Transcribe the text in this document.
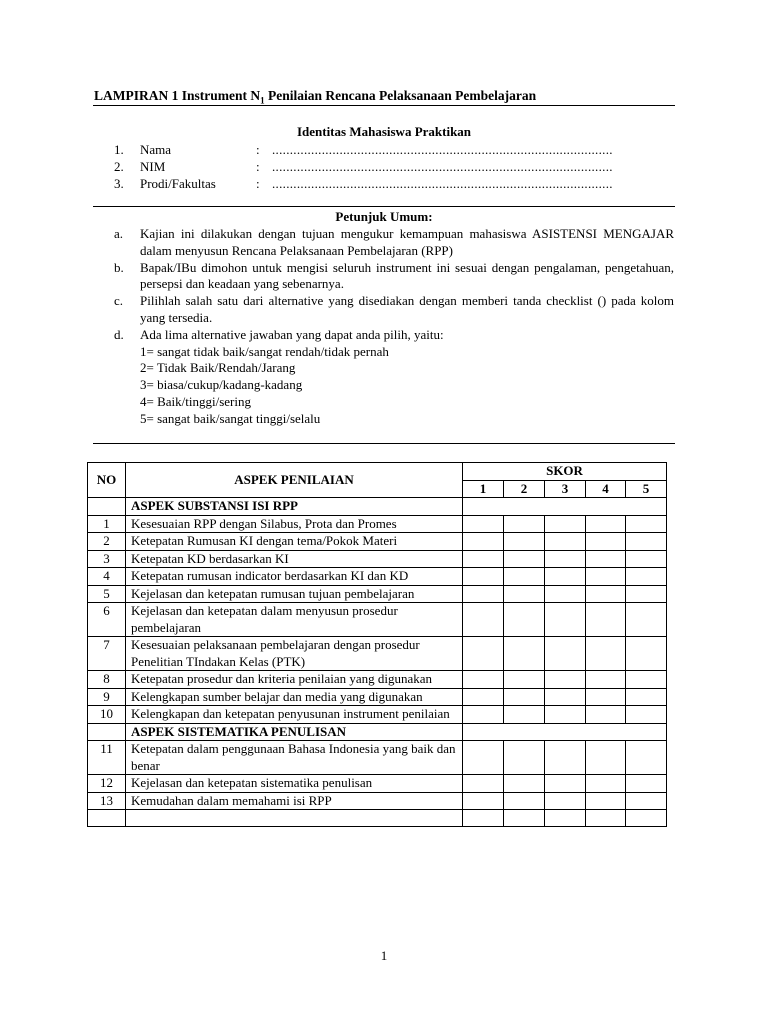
LAMPIRAN 1 Instrument $N_1$ Penilaian Rencana Pelaksanaan Pembelajaran
Identitas Mahasiswa Praktikan
1. Nama	: ................................................................................................
2. NIM	: ................................................................................................
3. Prodi/Fakultas	: ................................................................................................
Petunjuk Umum:
a. Kajian ini dilakukan dengan tujuan mengukur kemampuan mahasiswa ASISTENSI MENGAJAR dalam menyusun Rencana Pelaksanaan Pembelajaran (RPP)
b. Bapak/IBu dimohon untuk mengisi seluruh instrument ini sesuai dengan pengalaman, pengetahuan, persepsi dan keadaan yang sebenarnya.
c. Pilihlah salah satu dari alternative yang disediakan dengan memberi tanda checklist () pada kolom yang tersedia.
d. Ada lima alternative jawaban yang dapat anda pilih, yaitu:
1= sangat tidak baik/sangat rendah/tidak pernah
2= Tidak Baik/Rendah/Jarang
3= biasa/cukup/kadang-kadang
4= Baik/tinggi/sering
5= sangat baik/sangat tinggi/selalu
NO	ASPEK PENILAIAN	SKOR				
		1	2	3	4	5
	ASPEK SUBSTANSI ISI RPP					
1	Kesesuaian RPP dengan Silabus, Prota dan Promes					
2	Ketepatan Rumusan KI dengan tema/Pokok Materi					
3	Ketepatan KD berdasarkan KI					
4	Ketepatan rumusan indicator berdasarkan KI dan KD					
5	Kejelasan dan ketepatan rumusan tujuan pembelajaran					
6	Kejelasan dan ketepatan dalam menyusun prosedur pembelajaran					
7	Kesesuaian pelaksanaan pembelajaran dengan prosedur Penelitian TIndakan Kelas (PTK)					
8	Ketepatan prosedur dan kriteria penilaian yang digunakan					
9	Kelengkapan sumber belajar dan media yang digunakan					
10	Kelengkapan dan ketepatan penyusunan instrument penilaian					
	ASPEK SISTEMATIKA PENULISAN					
11	Ketepatan dalam penggunaan Bahasa Indonesia yang baik dan benar					
12	Kejelasan dan ketepatan sistematika penulisan					
13	Kemudahan dalam memahami isi RPP					

1
